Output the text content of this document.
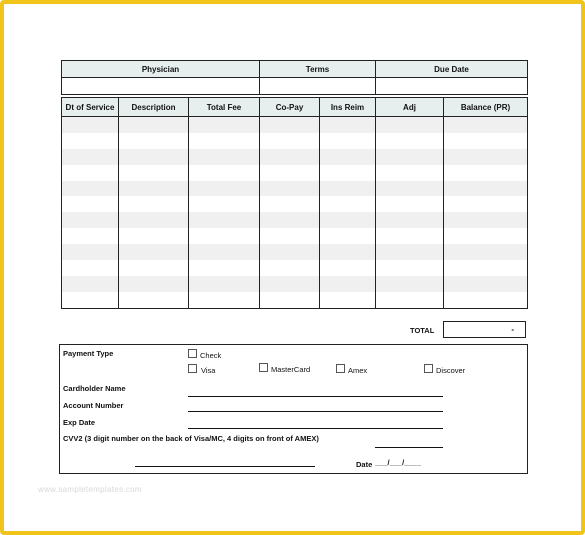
Physician	Terms	Due Date

Dt of Service	Description	Total Fee	Co-Pay	Ins Reim	Adj	Balance (PR)

TOTAL	-
Payment Type	Check
Visa	MasterCard	Amex	Discover
Cardholder Name
Account Number
Exp Date
CVV2 (3 digit number on the back of Visa/MC, 4 digits on front of AMEX)
Date ___/___/____
www.sampletemplates.com
